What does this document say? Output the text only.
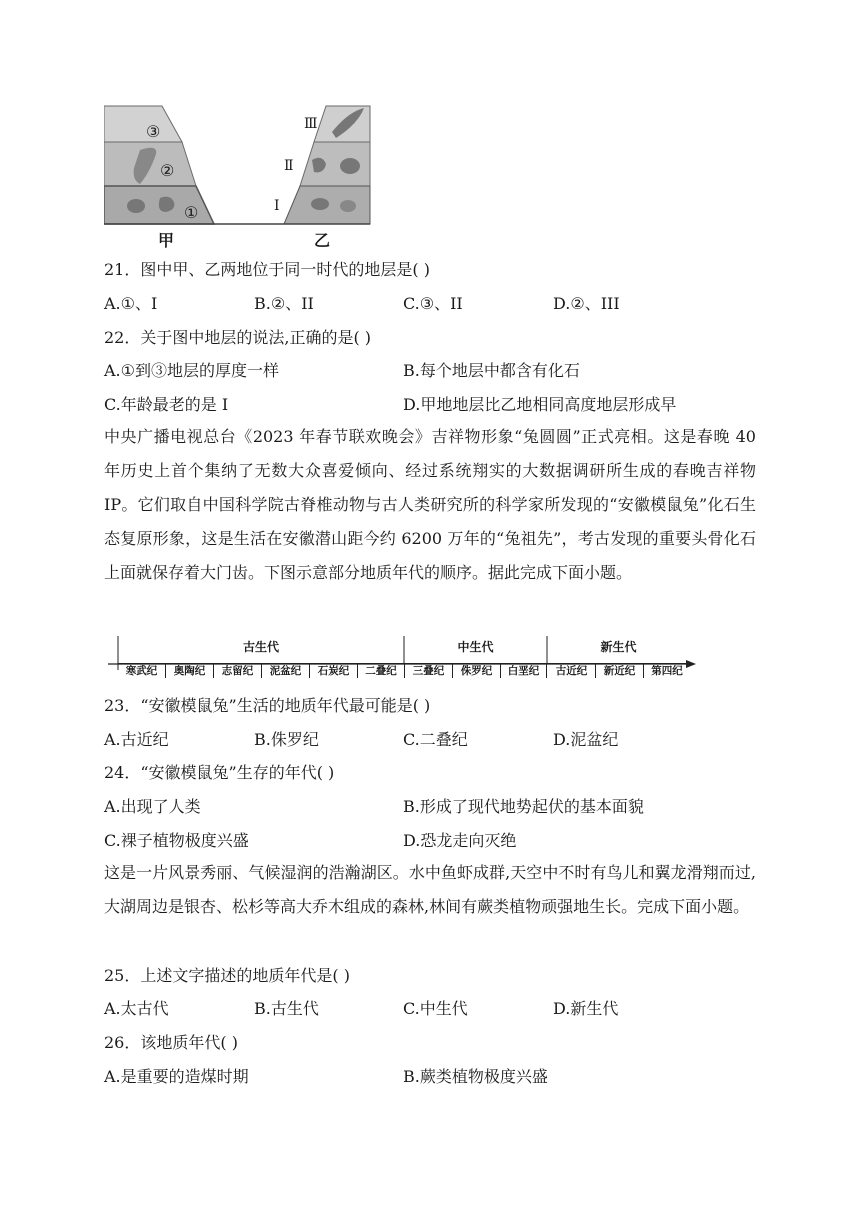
③
②
①
Ⅲ
Ⅱ
Ⅰ
甲	乙
21．图中甲、乙两地位于同一时代的地层是( )
A.①、I	B.②、II	C.③、II	D.②、III
22．关于图中地层的说法,正确的是( )
A.①到③地层的厚度一样	B.每个地层中都含有化石
C.年龄最老的是 I	D.甲地地层比乙地相同高度地层形成早
中央广播电视总台《2023 年春节联欢晚会》吉祥物形象“兔圆圆”正式亮相。这是春晚 40 年历史上首个集纳了无数大众喜爱倾向、经过系统翔实的大数据调研所生成的春晚吉祥物 IP。它们取自中国科学院古脊椎动物与古人类研究所的科学家所发现的“安徽模鼠兔”化石生态复原形象，这是生活在安徽潜山距今约 6200 万年的“兔祖先”，考古发现的重要头骨化石上面就保存着大门齿。下图示意部分地质年代的顺序。据此完成下面小题。
古生代	中生代	新生代
寒武纪	奥陶纪	志留纪	泥盆纪	石炭纪	二叠纪	三叠纪	侏罗纪	白垩纪	古近纪	新近纪	第四纪
23．“安徽模鼠兔”生活的地质年代最可能是( )
A.古近纪	B.侏罗纪	C.二叠纪	D.泥盆纪
24．“安徽模鼠兔”生存的年代( )
A.出现了人类	B.形成了现代地势起伏的基本面貌
C.裸子植物极度兴盛	D.恐龙走向灭绝
这是一片风景秀丽、气候湿润的浩瀚湖区。水中鱼虾成群,天空中不时有鸟儿和翼龙滑翔而过,大湖周边是银杏、松杉等高大乔木组成的森林,林间有蕨类植物顽强地生长。完成下面小题。
25．上述文字描述的地质年代是( )
A.太古代	B.古生代	C.中生代	D.新生代
26．该地质年代( )
A.是重要的造煤时期	B.蕨类植物极度兴盛
